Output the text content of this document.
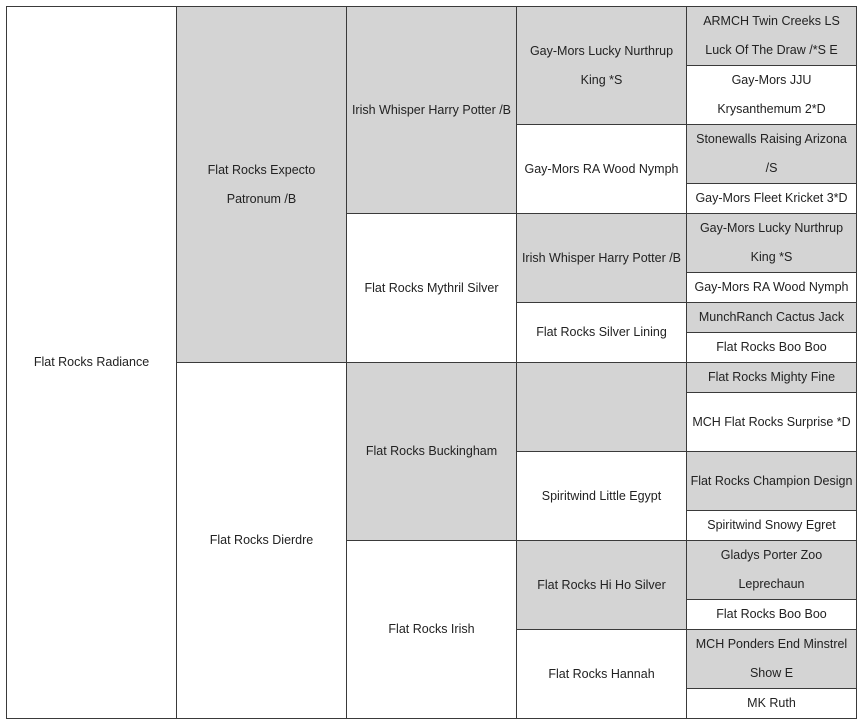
Flat Rocks Radiance	Flat Rocks Expecto Patronum /B	Irish Whisper Harry Potter /B	Gay-Mors Lucky Nurthrup King *S	ARMCH Twin Creeks LS Luck Of The Draw /*S E
				Gay-Mors JJU Krysanthemum 2*D
			Gay-Mors RA Wood Nymph	Stonewalls Raising Arizona /S
				Gay-Mors Fleet Kricket 3*D
		Flat Rocks Mythril Silver	Irish Whisper Harry Potter /B	Gay-Mors Lucky Nurthrup King *S
				Gay-Mors RA Wood Nymph
			Flat Rocks Silver Lining	MunchRanch Cactus Jack
				Flat Rocks Boo Boo
	Flat Rocks Dierdre	Flat Rocks Buckingham		Flat Rocks Mighty Fine
				MCH Flat Rocks Surprise *D
			Spiritwind Little Egypt	Flat Rocks Champion Design
				Spiritwind Snowy Egret
		Flat Rocks Irish	Flat Rocks Hi Ho Silver	Gladys Porter Zoo Leprechaun
				Flat Rocks Boo Boo
			Flat Rocks Hannah	MCH Ponders End Minstrel Show E
				MK Ruth
